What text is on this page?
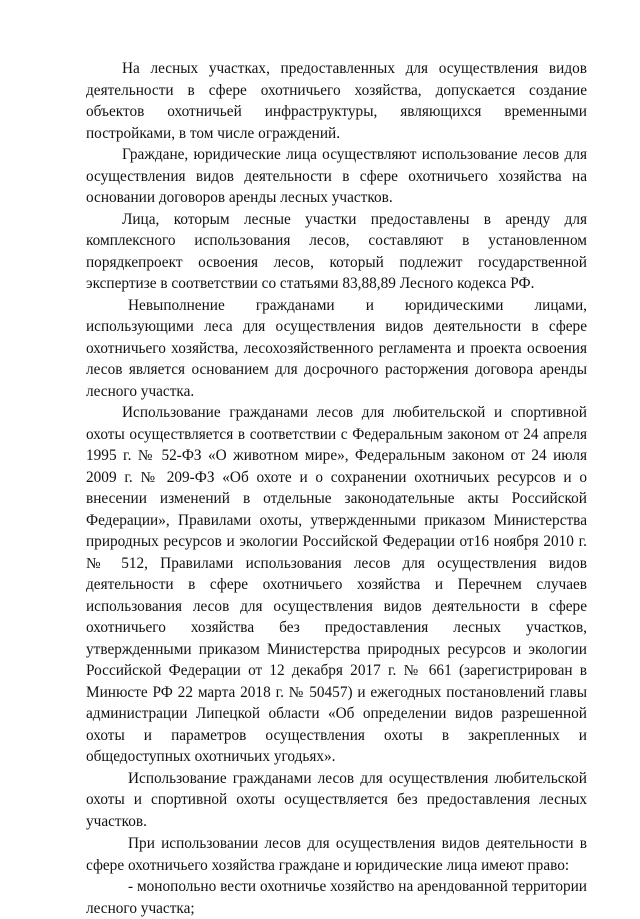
На лесных участках, предоставленных для осуществления видов деятельности в сфере охотничьего хозяйства, допускается создание объектов охотничьей инфраструктуры, являющихся временными постройками, в том числе ограждений.

Граждане, юридические лица осуществляют использование лесов для осуществления видов деятельности в сфере охотничьего хозяйства на основании договоров аренды лесных участков.

Лица, которым лесные участки предоставлены в аренду для комплексного использования лесов, составляют в установленном порядкепроект освоения лесов, который подлежит государственной экспертизе в соответствии со статьями 83,88,89 Лесного кодекса РФ.

Невыполнение гражданами и юридическими лицами, использующими леса для осуществления видов деятельности в сфере охотничьего хозяйства, лесохозяйственного регламента и проекта освоения лесов является основанием для досрочного расторжения договора аренды лесного участка.

Использование гражданами лесов для любительской и спортивной охоты осуществляется в соответствии с Федеральным законом от 24 апреля 1995 г. № 52-ФЗ «О животном мире», Федеральным законом от 24 июля 2009 г. № 209-ФЗ «Об охоте и о сохранении охотничьих ресурсов и о внесении изменений в отдельные законодательные акты Российской Федерации», Правилами охоты, утвержденными приказом Министерства природных ресурсов и экологии Российской Федерации от16 ноября 2010 г. № 512, Правилами использования лесов для осуществления видов деятельности в сфере охотничьего хозяйства и Перечнем случаев использования лесов для осуществления видов деятельности в сфере охотничьего хозяйства без предоставления лесных участков, утвержденными приказом Министерства природных ресурсов и экологии Российской Федерации от 12 декабря 2017 г. № 661 (зарегистрирован в Минюсте РФ 22 марта 2018 г. № 50457) и ежегодных постановлений главы администрации Липецкой области «Об определении видов разрешенной охоты и параметров осуществления охоты в закрепленных и общедоступных охотничьих угодьях».

Использование гражданами лесов для осуществления любительской охоты и спортивной охоты осуществляется без предоставления лесных участков.

При использовании лесов для осуществления видов деятельности в сфере охотничьего хозяйства граждане и юридические лица имеют право:

- монопольно вести охотничье хозяйство на арендованной территории лесного участка;
